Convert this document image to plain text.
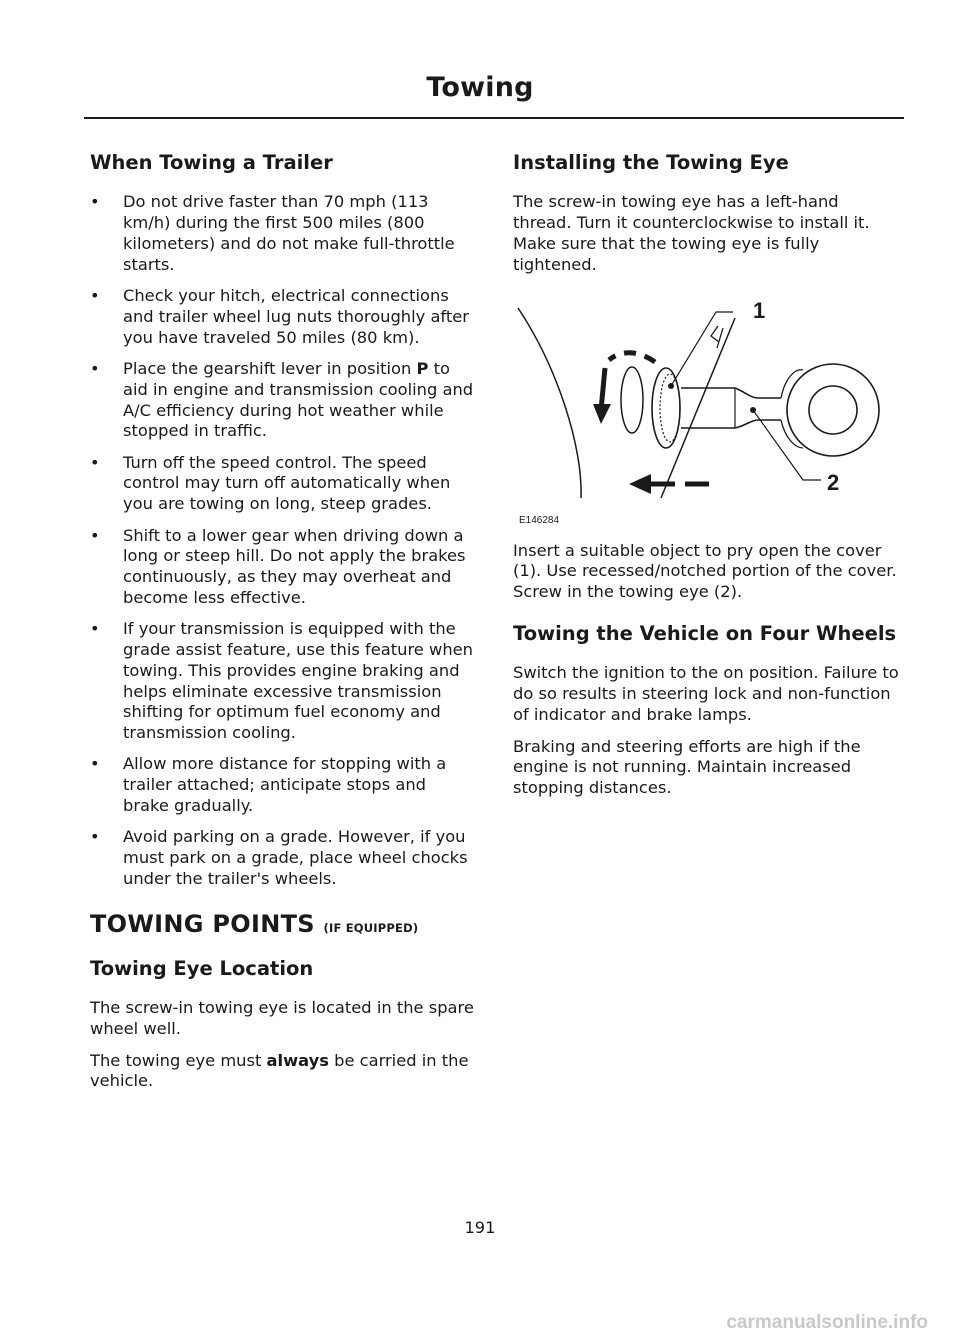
Towing
When Towing a Trailer
• Do not drive faster than 70 mph (113 km/h) during the first 500 miles (800 kilometers) and do not make full-throttle starts.
• Check your hitch, electrical connections and trailer wheel lug nuts thoroughly after you have traveled 50 miles (80 km).
• Place the gearshift lever in position P to aid in engine and transmission cooling and A/C efficiency during hot weather while stopped in traffic.
• Turn off the speed control. The speed control may turn off automatically when you are towing on long, steep grades.
• Shift to a lower gear when driving down a long or steep hill. Do not apply the brakes continuously, as they may overheat and become less effective.
• If your transmission is equipped with the grade assist feature, use this feature when towing. This provides engine braking and helps eliminate excessive transmission shifting for optimum fuel economy and transmission cooling.
• Allow more distance for stopping with a trailer attached; anticipate stops and brake gradually.
• Avoid parking on a grade. However, if you must park on a grade, place wheel chocks under the trailer's wheels.
TOWING POINTS (IF EQUIPPED)
Towing Eye Location

The screw-in towing eye is located in the spare wheel well.

The towing eye must always be carried in the vehicle.

Installing the Towing Eye

The screw-in towing eye has a left-hand thread. Turn it counterclockwise to install it. Make sure that the towing eye is fully tightened.

1
2
E146284

Insert a suitable object to pry open the cover (1). Use recessed/notched portion of the cover. Screw in the towing eye (2).

Towing the Vehicle on Four Wheels

Switch the ignition to the on position. Failure to do so results in steering lock and non-function of indicator and brake lamps.

Braking and steering efforts are high if the engine is not running. Maintain increased stopping distances.

191
carmanualsonline.info
